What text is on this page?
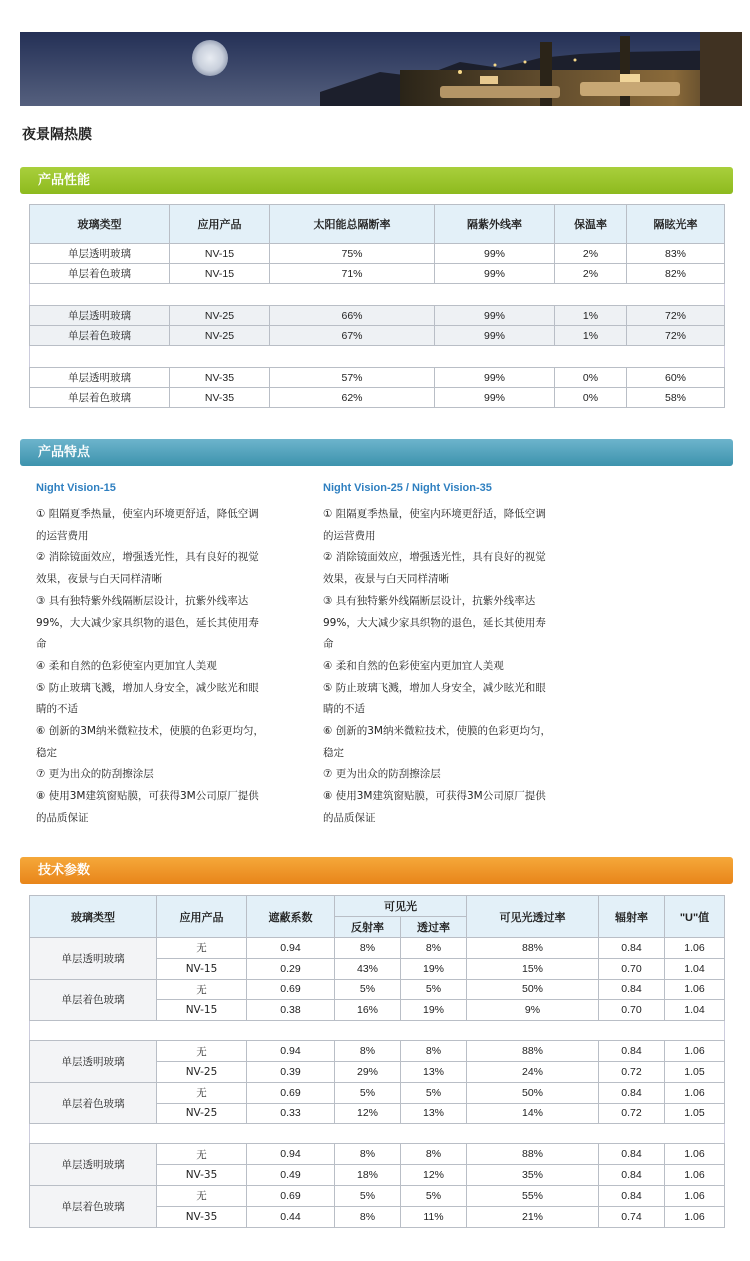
夜景隔热膜
产品性能
玻璃类型	应用产品	太阳能总隔断率	隔紫外线率	保温率	隔眩光率
单层透明玻璃	NV-15	75%	99%	2%	83%
单层着色玻璃	NV-15	71%	99%	2%	82%

单层透明玻璃	NV-25	66%	99%	1%	72%
单层着色玻璃	NV-25	67%	99%	1%	72%

单层透明玻璃	NV-35	57%	99%	0%	60%
单层着色玻璃	NV-35	62%	99%	0%	58%
产品特点
Night Vision-15
① 阻隔夏季热量，使室内环境更舒适，降低空调
的运营费用
② 消除镜面效应，增强透光性，具有良好的视觉
效果，夜景与白天同样清晰
③ 具有独特紫外线隔断层设计，抗紫外线率达
99%，大大减少家具织物的退色，延长其使用寿
命
④ 柔和自然的色彩使室内更加宜人美观
⑤ 防止玻璃飞溅，增加人身安全，减少眩光和眼
睛的不适
⑥ 创新的3M纳米微粒技术，使膜的色彩更均匀，
稳定
⑦ 更为出众的防刮擦涂层
⑧ 使用3M建筑窗贴膜，可获得3M公司原厂提供
的品质保证
Night Vision-25 / Night Vision-35
① 阻隔夏季热量，使室内环境更舒适，降低空调
的运营费用
② 消除镜面效应，增强透光性，具有良好的视觉
效果，夜景与白天同样清晰
③ 具有独特紫外线隔断层设计，抗紫外线率达
99%，大大减少家具织物的退色，延长其使用寿
命
④ 柔和自然的色彩使室内更加宜人美观
⑤ 防止玻璃飞溅，增加人身安全，减少眩光和眼
睛的不适
⑥ 创新的3M纳米微粒技术，使膜的色彩更均匀，
稳定
⑦ 更为出众的防刮擦涂层
⑧ 使用3M建筑窗贴膜，可获得3M公司原厂提供
的品质保证
技术参数
玻璃类型	应用产品	遮蔽系数	可见光		可见光透过率	辐射率	"U"值
			反射率	透过率			
单层透明玻璃	无	0.94	8%	8%	88%	0.84	1.06
	NV-15	0.29	43%	19%	15%	0.70	1.04
单层着色玻璃	无	0.69	5%	5%	50%	0.84	1.06
	NV-15	0.38	16%	19%	9%	0.70	1.04

单层透明玻璃	无	0.94	8%	8%	88%	0.84	1.06
	NV-25	0.39	29%	13%	24%	0.72	1.05
单层着色玻璃	无	0.69	5%	5%	50%	0.84	1.06
	NV-25	0.33	12%	13%	14%	0.72	1.05

单层透明玻璃	无	0.94	8%	8%	88%	0.84	1.06
	NV-35	0.49	18%	12%	35%	0.84	1.06
单层着色玻璃	无	0.69	5%	5%	55%	0.84	1.06
	NV-35	0.44	8%	11%	21%	0.74	1.06
